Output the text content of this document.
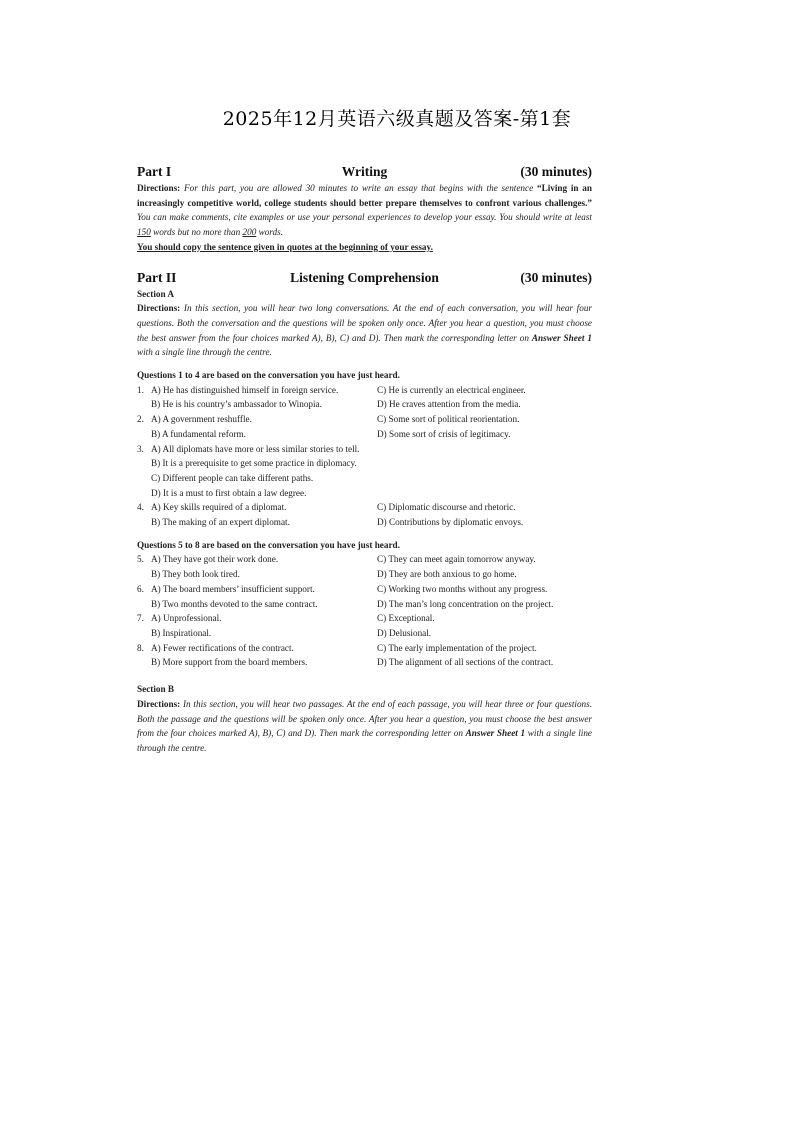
2025年12月英语六级真题及答案-第1套
Part I	Writing	(30 minutes)

Directions: For this part, you are allowed 30 minutes to write an essay that begins with the sentence “Living in an increasingly competitive world, college students should better prepare themselves to confront various challenges.” You can make comments, cite examples or use your personal experiences to develop your essay. You should write at least 150 words but no more than 200 words.

You should copy the sentence given in quotes at the beginning of your essay.

Part II	Listening Comprehension	(30 minutes)
Section A

Directions: In this section, you will hear two long conversations. At the end of each conversation, you will hear four questions. Both the conversation and the questions will be spoken only once. After you hear a question, you must choose the best answer from the four choices marked A), B), C) and D). Then mark the corresponding letter on Answer Sheet 1 with a single line through the centre.

Questions 1 to 4 are based on the conversation you have just heard.
1. A) He has distinguished himself in foreign service.	C) He is currently an electrical engineer.
B) He is his country’s ambassador to Winopia.	D) He craves attention from the media.
2. A) A government reshuffle.	C) Some sort of political reorientation.
B) A fundamental reform.	D) Some sort of crisis of legitimacy.
3. A) All diplomats have more or less similar stories to tell.
B) It is a prerequisite to get some practice in diplomacy.
C) Different people can take different paths.
D) It is a must to first obtain a law degree.
4. A) Key skills required of a diplomat.	C) Diplomatic discourse and rhetoric.
B) The making of an expert diplomat.	D) Contributions by diplomatic envoys.
Questions 5 to 8 are based on the conversation you have just heard.
5. A) They have got their work done.	C) They can meet again tomorrow anyway.
B) They both look tired.	D) They are both anxious to go home.
6. A) The board members’ insufficient support.	C) Working two months without any progress.
B) Two months devoted to the same contract.	D) The man’s long concentration on the project.
7. A) Unprofessional.	C) Exceptional.
B) Inspirational.	D) Delusional.
8. A) Fewer rectifications of the contract.	C) The early implementation of the project.
B) More support from the board members.	D) The alignment of all sections of the contract.
Section B

Directions: In this section, you will hear two passages. At the end of each passage, you will hear three or four questions. Both the passage and the questions will be spoken only once. After you hear a question, you must choose the best answer from the four choices marked A), B), C) and D). Then mark the corresponding letter on Answer Sheet 1 with a single line through the centre.
